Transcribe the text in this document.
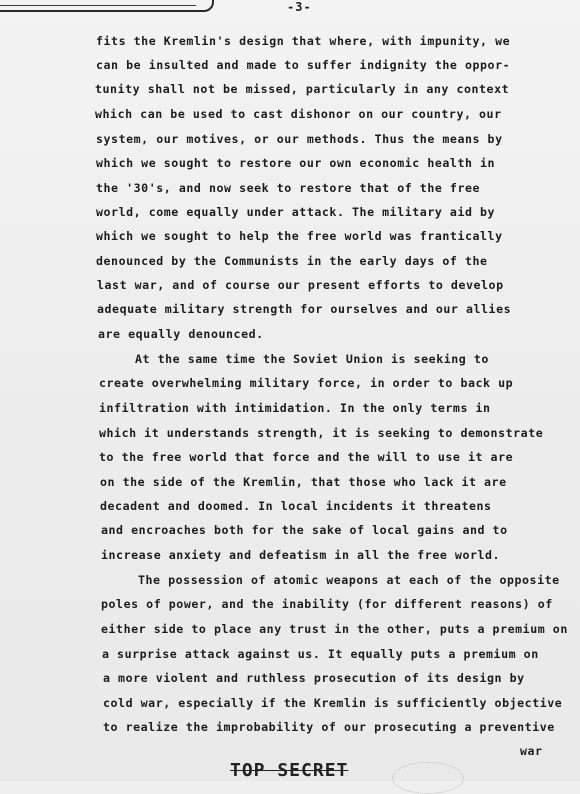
-3-
fits the Kremlin's design that where, with impunity, we
can be insulted and made to suffer indignity the oppor-
tunity shall not be missed, particularly in any context
which can be used to cast dishonor on our country, our
system, our motives, or our methods. Thus the means by
which we sought to restore our own economic health in
the '30's, and now seek to restore that of the free
world, come equally under attack. The military aid by
which we sought to help the free world was frantically
denounced by the Communists in the early days of the
last war, and of course our present efforts to develop
adequate military strength for ourselves and our allies
are equally denounced.
At the same time the Soviet Union is seeking to
create overwhelming military force, in order to back up
infiltration with intimidation. In the only terms in
which it understands strength, it is seeking to demonstrate
to the free world that force and the will to use it are
on the side of the Kremlin, that those who lack it are
decadent and doomed. In local incidents it threatens
and encroaches both for the sake of local gains and to
increase anxiety and defeatism in all the free world.
The possession of atomic weapons at each of the opposite
poles of power, and the inability (for different reasons) of
either side to place any trust in the other, puts a premium on
a surprise attack against us. It equally puts a premium on
a more violent and ruthless prosecution of its design by
cold war, especially if the Kremlin is sufficiently objective
to realize the improbability of our prosecuting a preventive
war
TOP SECRET
